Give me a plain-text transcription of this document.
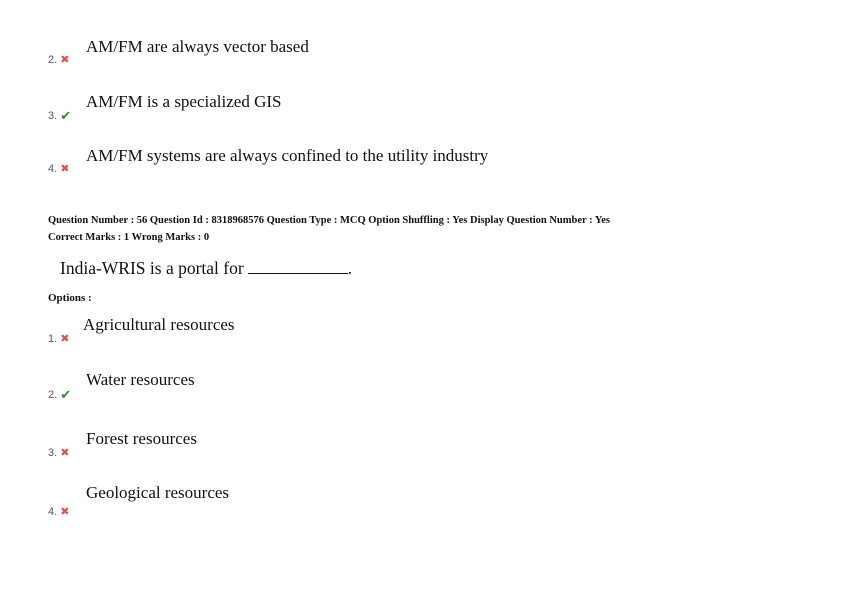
AM/FM are always vector based
2. ✖
AM/FM is a specialized GIS
3. ✔
AM/FM systems are always confined to the utility industry
4. ✖
Question Number : 56 Question Id : 8318968576 Question Type : MCQ Option Shuffling : Yes Display Question Number : Yes
Correct Marks : 1 Wrong Marks : 0
India-WRIS is a portal for	.
Options :
Agricultural resources
1. ✖
Water resources
2. ✔
Forest resources
3. ✖
Geological resources
4. ✖
